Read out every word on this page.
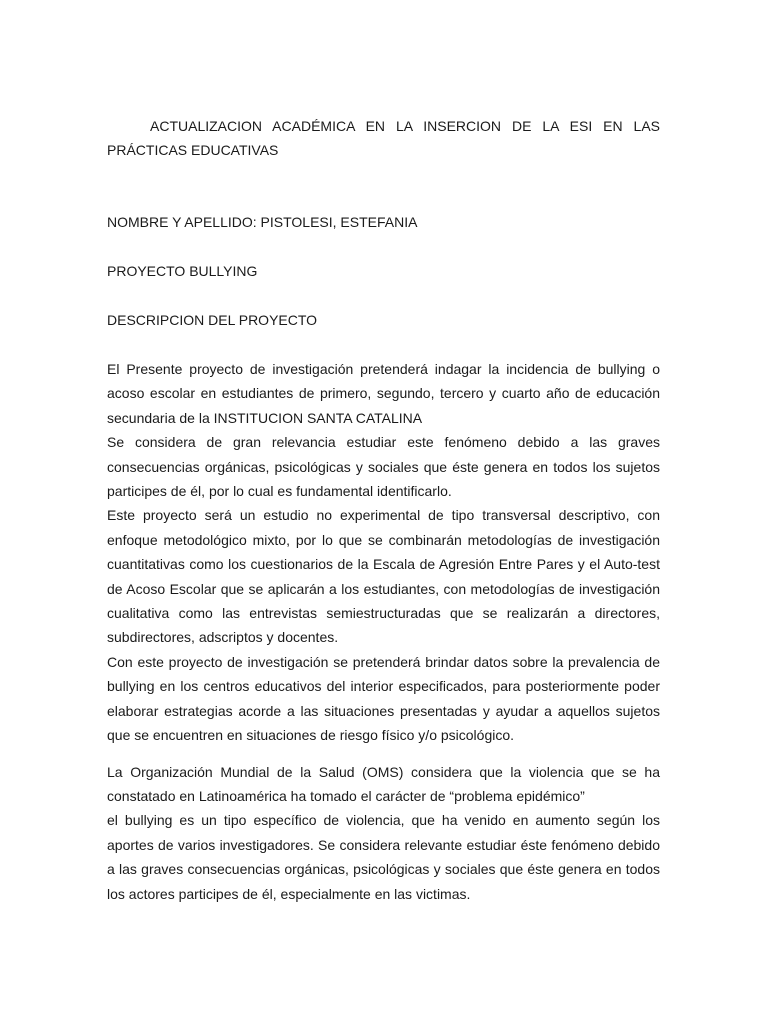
ACTUALIZACION ACADÉMICA EN LA INSERCION DE LA ESI EN LAS PRÁCTICAS EDUCATIVAS
NOMBRE Y APELLIDO: PISTOLESI, ESTEFANIA
PROYECTO BULLYING
DESCRIPCION DEL PROYECTO

El Presente proyecto de investigación pretenderá indagar la incidencia de bullying o acoso escolar en estudiantes de primero, segundo, tercero y cuarto año de educación secundaria de la INSTITUCION SANTA CATALINA

Se considera de gran relevancia estudiar este fenómeno debido a las graves consecuencias orgánicas, psicológicas y sociales que éste genera en todos los sujetos participes de él, por lo cual es fundamental identificarlo.

Este proyecto será un estudio no experimental de tipo transversal descriptivo, con enfoque metodológico mixto, por lo que se combinarán metodologías de investigación cuantitativas como los cuestionarios de la Escala de Agresión Entre Pares y el Auto-test de Acoso Escolar que se aplicarán a los estudiantes, con metodologías de investigación cualitativa como las entrevistas semiestructuradas que se realizarán a directores, subdirectores, adscriptos y docentes.

Con este proyecto de investigación se pretenderá brindar datos sobre la prevalencia de bullying en los centros educativos del interior especificados, para posteriormente poder elaborar estrategias acorde a las situaciones presentadas y ayudar a aquellos sujetos que se encuentren en situaciones de riesgo físico y/o psicológico.

La Organización Mundial de la Salud (OMS) considera que la violencia que se ha constatado en Latinoamérica ha tomado el carácter de “problema epidémico”

el bullying es un tipo específico de violencia, que ha venido en aumento según los aportes de varios investigadores. Se considera relevante estudiar éste fenómeno debido a las graves consecuencias orgánicas, psicológicas y sociales que éste genera en todos los actores participes de él, especialmente en las victimas.
